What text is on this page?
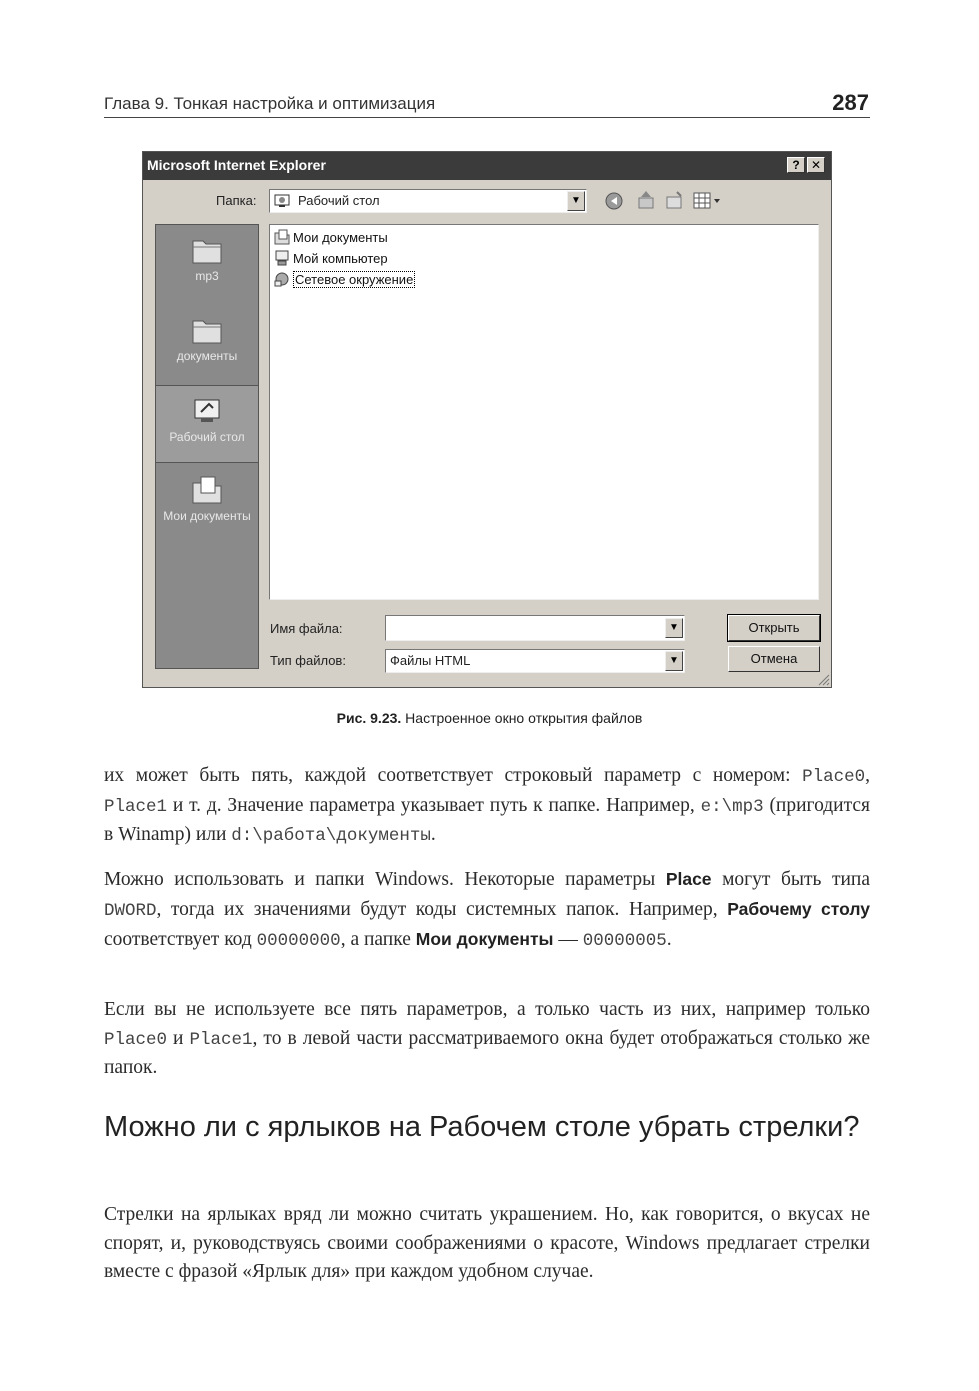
Глава 9. Тонкая настройка и оптимизация	287
Microsoft Internet Explorer	? ✕
Папка:	Рабочий стол	▼
mp3
документы
Рабочий стол
Мои документы
Мои документы
Мой компьютер
Сетевое окружение
Имя файла:	▼	Открыть
Тип файлов:	Файлы HTML	▼	Отмена
Рис. 9.23. Настроенное окно открытия файлов
их может быть пять, каждой соответствует строковый параметр с номером: Place0, Place1 и т. д. Значение параметра указывает путь к папке. Например, e:\mp3 (пригодится в Winamp) или d:\работа\документы.
Можно использовать и папки Windows. Некоторые параметры Place могут быть типа DWORD, тогда их значениями будут коды системных папок. Например, Рабочему столу соответствует код 00000000, а папке Мои документы — 00000005.
Если вы не используете все пять параметров, а только часть из них, например только Place0 и Place1, то в левой части рассматриваемого окна будет отображаться столько же папок.
Можно ли с ярлыков на Рабочем столе убрать стрелки?
Стрелки на ярлыках вряд ли можно считать украшением. Но, как говорится, о вкусах не спорят, и, руководствуясь своими соображениями о красоте, Windows предлагает стрелки вместе с фразой «Ярлык для» при каждом удобном случае.
